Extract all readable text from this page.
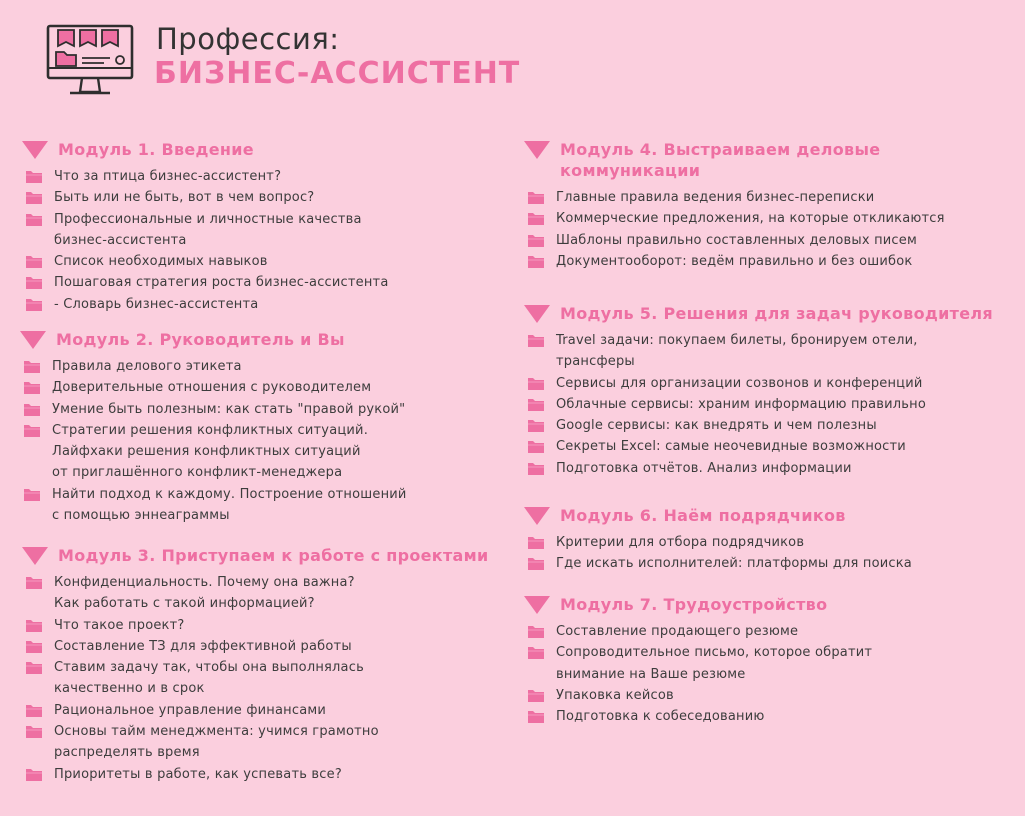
Профессия:
БИЗНЕС-АССИСТЕНТ
Модуль 1. Введение
Что за птица бизнес-ассистент?
Быть или не быть, вот в чем вопрос?
Профессиональные и личностные качества
бизнес-ассистента
Список необходимых навыков
Пошаговая стратегия роста бизнес-ассистента
- Словарь бизнес-ассистента
Модуль 2. Руководитель и Вы
Правила делового этикета
Доверительные отношения с руководителем
Умение быть полезным: как стать "правой рукой"
Стратегии решения конфликтных ситуаций.
Лайфхаки решения конфликтных ситуаций
от приглашённого конфликт-менеджера
Найти подход к каждому. Построение отношений
с помощью эннеаграммы
Модуль 3. Приступаем к работе с проектами
Конфиденциальность. Почему она важна?
Как работать с такой информацией?
Что такое проект?
Составление ТЗ для эффективной работы
Ставим задачу так, чтобы она выполнялась
качественно и в срок
Рациональное управление финансами
Основы тайм менеджмента: учимся грамотно
распределять время
Приоритеты в работе, как успевать все?
Модуль 4. Выстраиваем деловые
коммуникации
Главные правила ведения бизнес-переписки
Коммерческие предложения, на которые откликаются
Шаблоны правильно составленных деловых писем
Документооборот: ведём правильно и без ошибок
Модуль 5. Решения для задач руководителя
Travel задачи: покупаем билеты, бронируем отели,
трансферы
Сервисы для организации созвонов и конференций
Облачные сервисы: храним информацию правильно
Google сервисы: как внедрять и чем полезны
Секреты Excel: самые неочевидные возможности
Подготовка отчётов. Анализ информации
Модуль 6. Наём подрядчиков
Критерии для отбора подрядчиков
Где искать исполнителей: платформы для поиска
Модуль 7. Трудоустройство
Составление продающего резюме
Сопроводительное письмо, которое обратит
внимание на Ваше резюме
Упаковка кейсов
Подготовка к собеседованию
